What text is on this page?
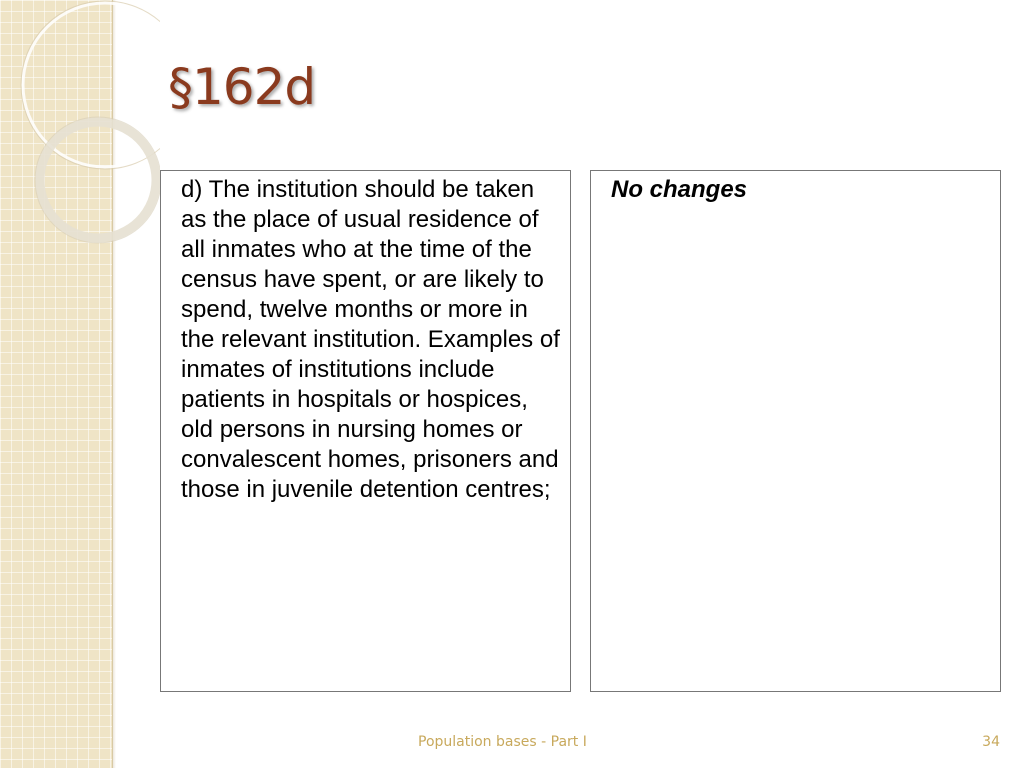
§162d

d) The institution should be taken as the place of usual residence of all inmates who at the time of the census have spent, or are likely to spend, twelve months or more in the relevant institution. Examples of inmates of institutions include patients in hospitals or hospices, old persons in nursing homes or convalescent homes, prisoners and those in juvenile detention centres;

No changes

Population bases - Part I	34
